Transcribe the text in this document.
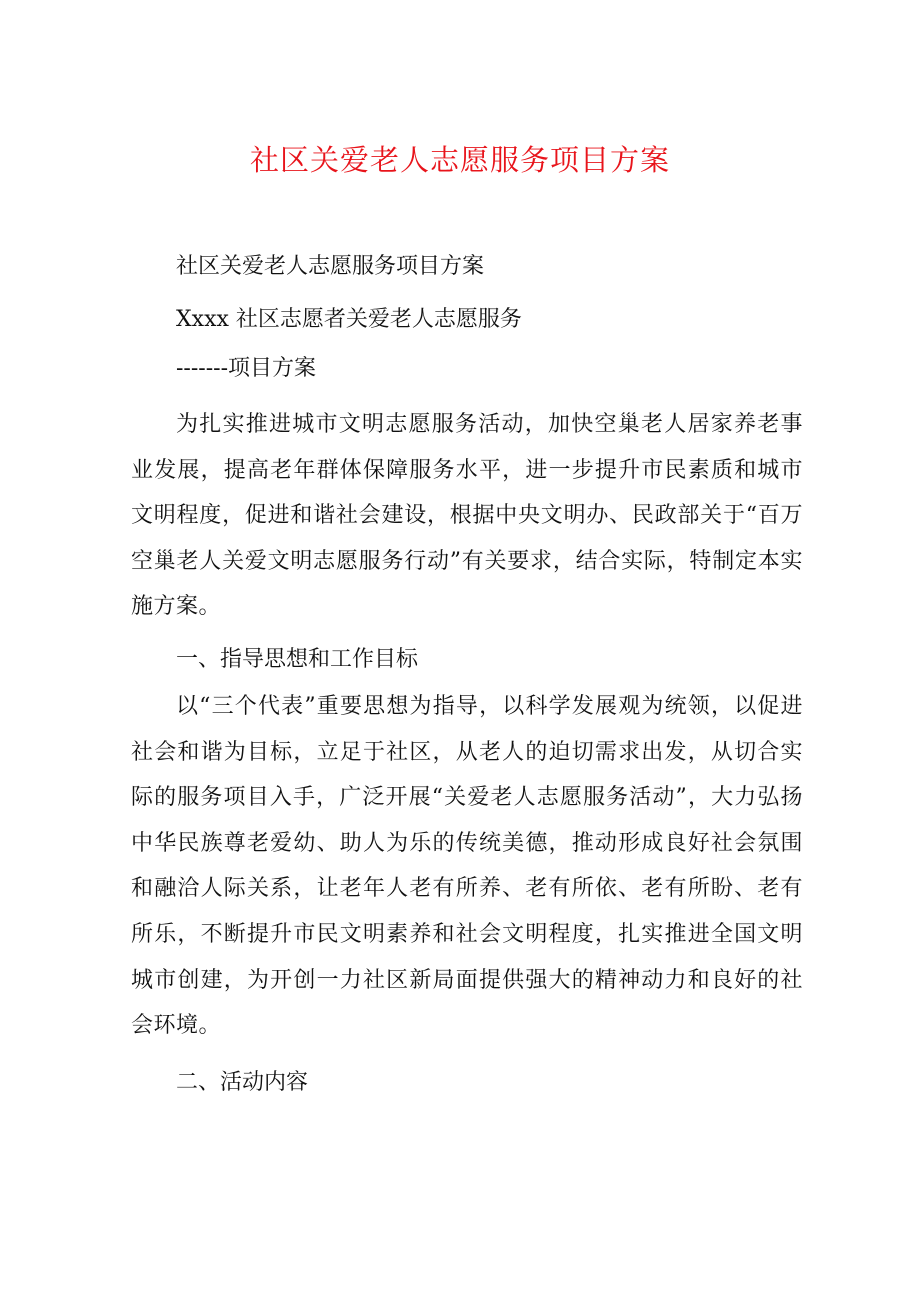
社区关爱老人志愿服务项目方案

社区关爱老人志愿服务项目方案

Xxxx 社区志愿者关爱老人志愿服务

-------项目方案

为扎实推进城市文明志愿服务活动，加快空巢老人居家养老事业发展，提高老年群体保障服务水平，进一步提升市民素质和城市文明程度，促进和谐社会建设，根据中央文明办、民政部关于“百万空巢老人关爱文明志愿服务行动”有关要求，结合实际，特制定本实施方案。

一、指导思想和工作目标

以“三个代表”重要思想为指导，以科学发展观为统领，以促进社会和谐为目标，立足于社区，从老人的迫切需求出发，从切合实际的服务项目入手，广泛开展“关爱老人志愿服务活动”，大力弘扬中华民族尊老爱幼、助人为乐的传统美德，推动形成良好社会氛围和融洽人际关系，让老年人老有所养、老有所依、老有所盼、老有所乐，不断提升市民文明素养和社会文明程度，扎实推进全国文明城市创建，为开创一力社区新局面提供强大的精神动力和良好的社会环境。

二、活动内容
